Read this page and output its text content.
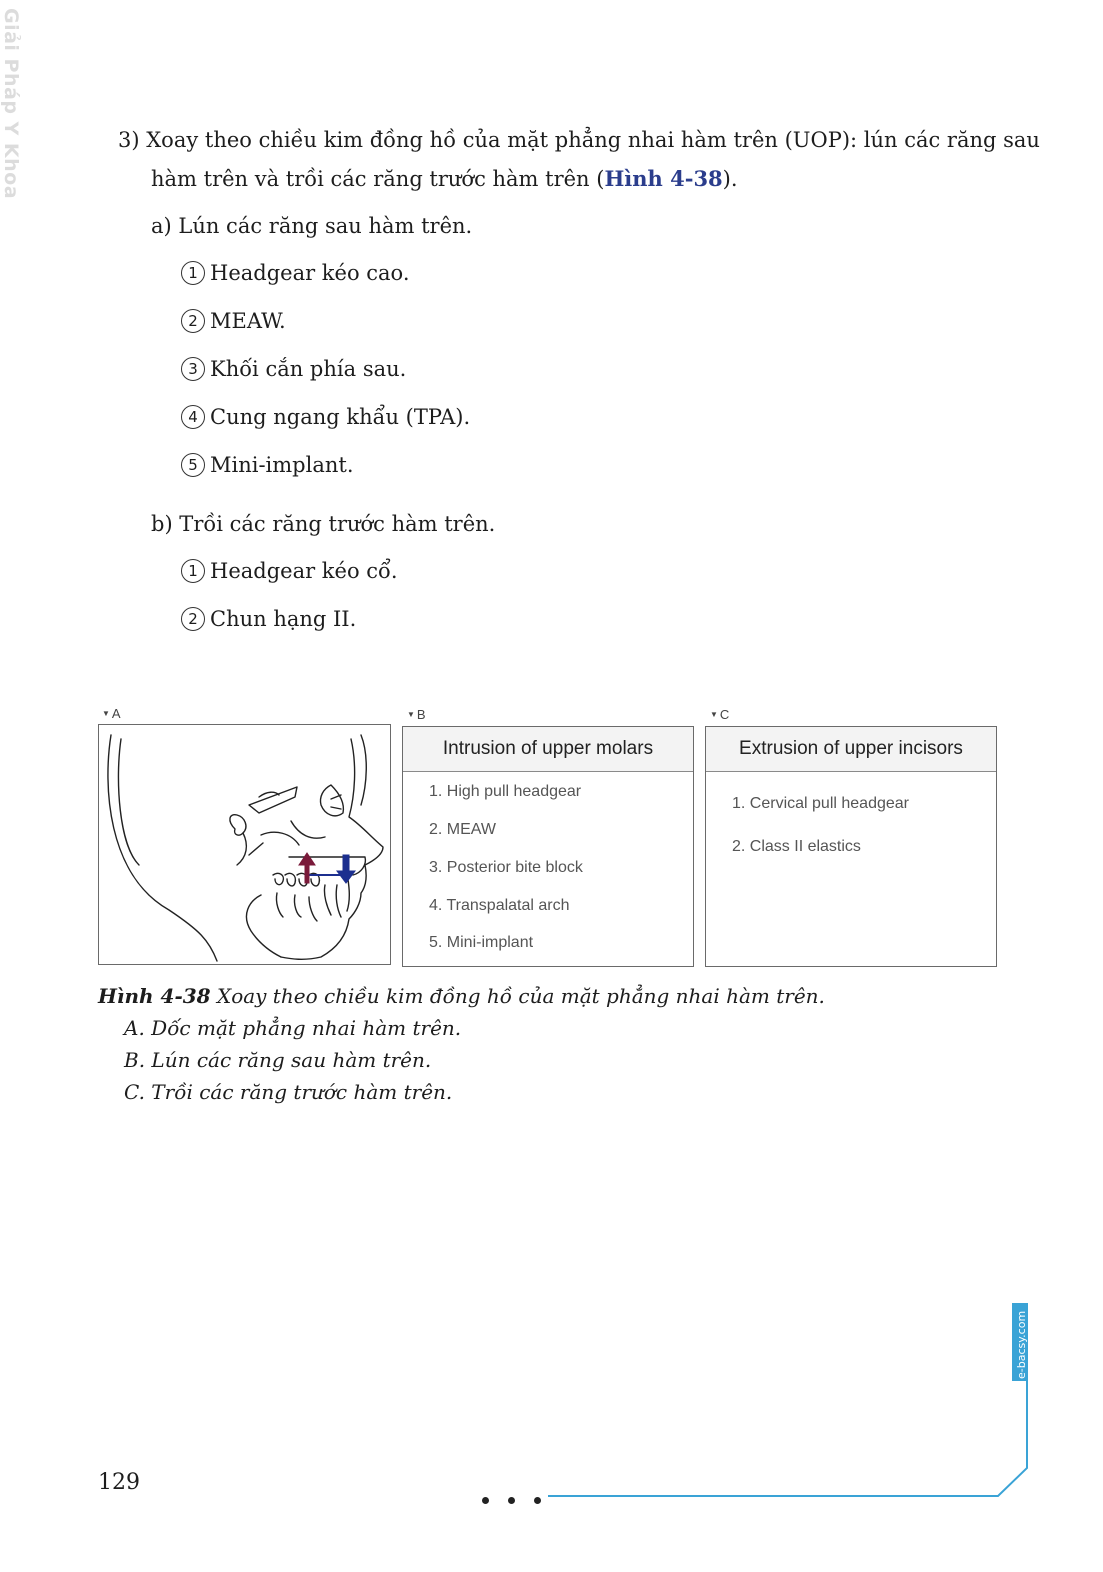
Giải Pháp Y Khoa	3) Xoay theo chiều kim đồng hồ của mặt phẳng nhai hàm trên (UOP): lún các răng sau
hàm trên và trồi các răng trước hàm trên (Hình 4-38).
a) Lún các răng sau hàm trên.
1 Headgear kéo cao.
2 MEAW.
3 Khối cắn phía sau.
4 Cung ngang khẩu (TPA).
5 Mini-implant.
b) Trồi các răng trước hàm trên.
1 Headgear kéo cổ.
2 Chun hạng II.
▼ A	▼ B	▼ C
Intrusion of upper molars
1. High pull headgear
2. MEAW
3. Posterior bite block
4. Transpalatal arch
5. Mini-implant
Extrusion of upper incisors
1. Cervical pull headgear
2. Class II elastics
Hình 4-38 Xoay theo chiều kim đồng hồ của mặt phẳng nhai hàm trên.
A. Dốc mặt phẳng nhai hàm trên.
B. Lún các răng sau hàm trên.
C. Trồi các răng trước hàm trên.
129
e-bacsy.com
